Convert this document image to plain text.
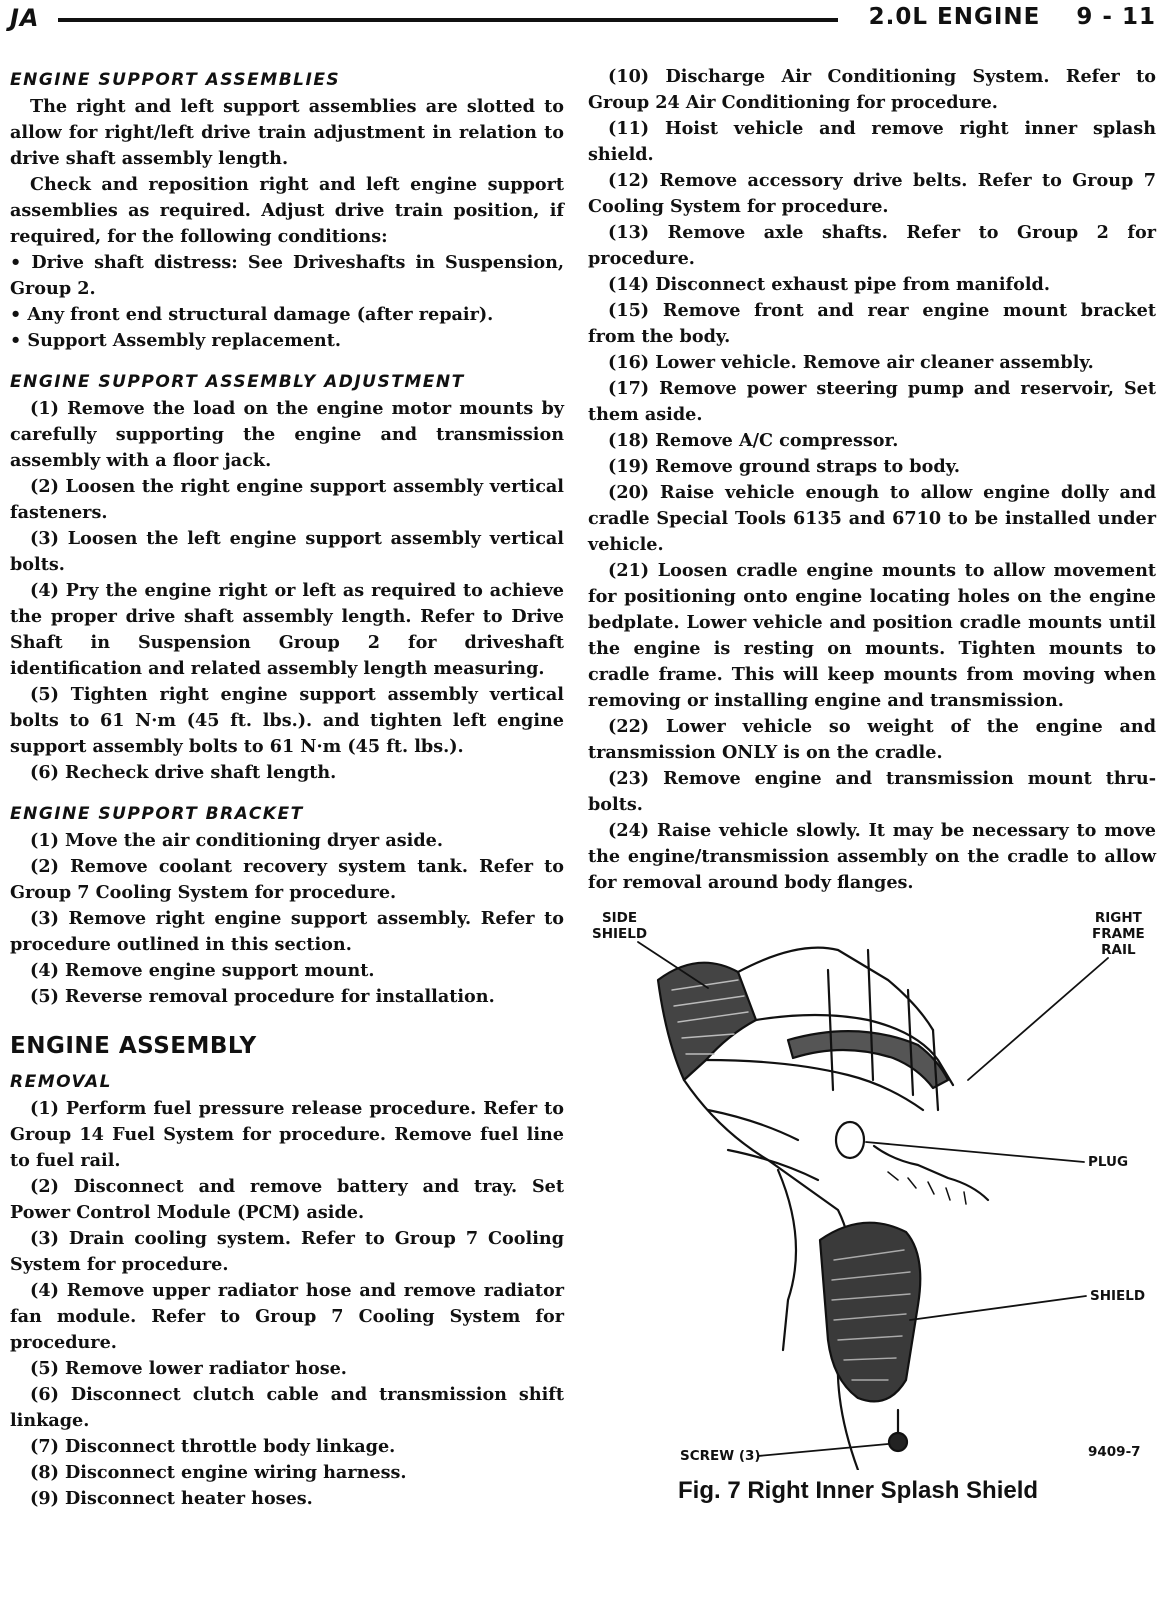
JA	2.0L ENGINE    9 - 11
ENGINE SUPPORT ASSEMBLIES

The right and left support assemblies are slotted to allow for right/left drive train adjustment in relation to drive shaft assembly length.

Check and reposition right and left engine support assemblies as required. Adjust drive train position, if required, for the following conditions:

• Drive shaft distress: See Driveshafts in Suspension, Group 2.

• Any front end structural damage (after repair).

• Support Assembly replacement.

ENGINE SUPPORT ASSEMBLY ADJUSTMENT

(1) Remove the load on the engine motor mounts by carefully supporting the engine and transmission assembly with a floor jack.

(2) Loosen the right engine support assembly vertical fasteners.

(3) Loosen the left engine support assembly vertical bolts.

(4) Pry the engine right or left as required to achieve the proper drive shaft assembly length. Refer to Drive Shaft in Suspension Group 2 for driveshaft identification and related assembly length measuring.

(5) Tighten right engine support assembly vertical bolts to 61 N·m (45 ft. lbs.). and tighten left engine support assembly bolts to 61 N·m (45 ft. lbs.).

(6) Recheck drive shaft length.

ENGINE SUPPORT BRACKET

(1) Move the air conditioning dryer aside.

(2) Remove coolant recovery system tank. Refer to Group 7 Cooling System for procedure.

(3) Remove right engine support assembly. Refer to procedure outlined in this section.

(4) Remove engine support mount.

(5) Reverse removal procedure for installation.

ENGINE ASSEMBLY
REMOVAL

(1) Perform fuel pressure release procedure. Refer to Group 14 Fuel System for procedure. Remove fuel line to fuel rail.

(2) Disconnect and remove battery and tray. Set Power Control Module (PCM) aside.

(3) Drain cooling system. Refer to Group 7 Cooling System for procedure.

(4) Remove upper radiator hose and remove radiator fan module. Refer to Group 7 Cooling System for procedure.

(5) Remove lower radiator hose.

(6) Disconnect clutch cable and transmission shift linkage.

(7) Disconnect throttle body linkage.

(8) Disconnect engine wiring harness.

(9) Disconnect heater hoses.

(10) Discharge Air Conditioning System. Refer to Group 24 Air Conditioning for procedure.

(11) Hoist vehicle and remove right inner splash shield.

(12) Remove accessory drive belts. Refer to Group 7 Cooling System for procedure.

(13) Remove axle shafts. Refer to Group 2 for procedure.

(14) Disconnect exhaust pipe from manifold.

(15) Remove front and rear engine mount bracket from the body.

(16) Lower vehicle. Remove air cleaner assembly.

(17) Remove power steering pump and reservoir, Set them aside.

(18) Remove A/C compressor.

(19) Remove ground straps to body.

(20) Raise vehicle enough to allow engine dolly and cradle Special Tools 6135 and 6710 to be installed under vehicle.

(21) Loosen cradle engine mounts to allow movement for positioning onto engine locating holes on the engine bedplate. Lower vehicle and position cradle mounts until the engine is resting on mounts. Tighten mounts to cradle frame. This will keep mounts from moving when removing or installing engine and transmission.

(22) Lower vehicle so weight of the engine and transmission ONLY is on the cradle.

(23) Remove engine and transmission mount thru-bolts.

(24) Raise vehicle slowly. It may be necessary to move the engine/transmission assembly on the cradle to allow for removal around body flanges.

SIDE
SHIELD
RIGHT
FRAME
RAIL
PLUG
SHIELD
SCREW (3)	9409-7
Fig. 7 Right Inner Splash Shield
